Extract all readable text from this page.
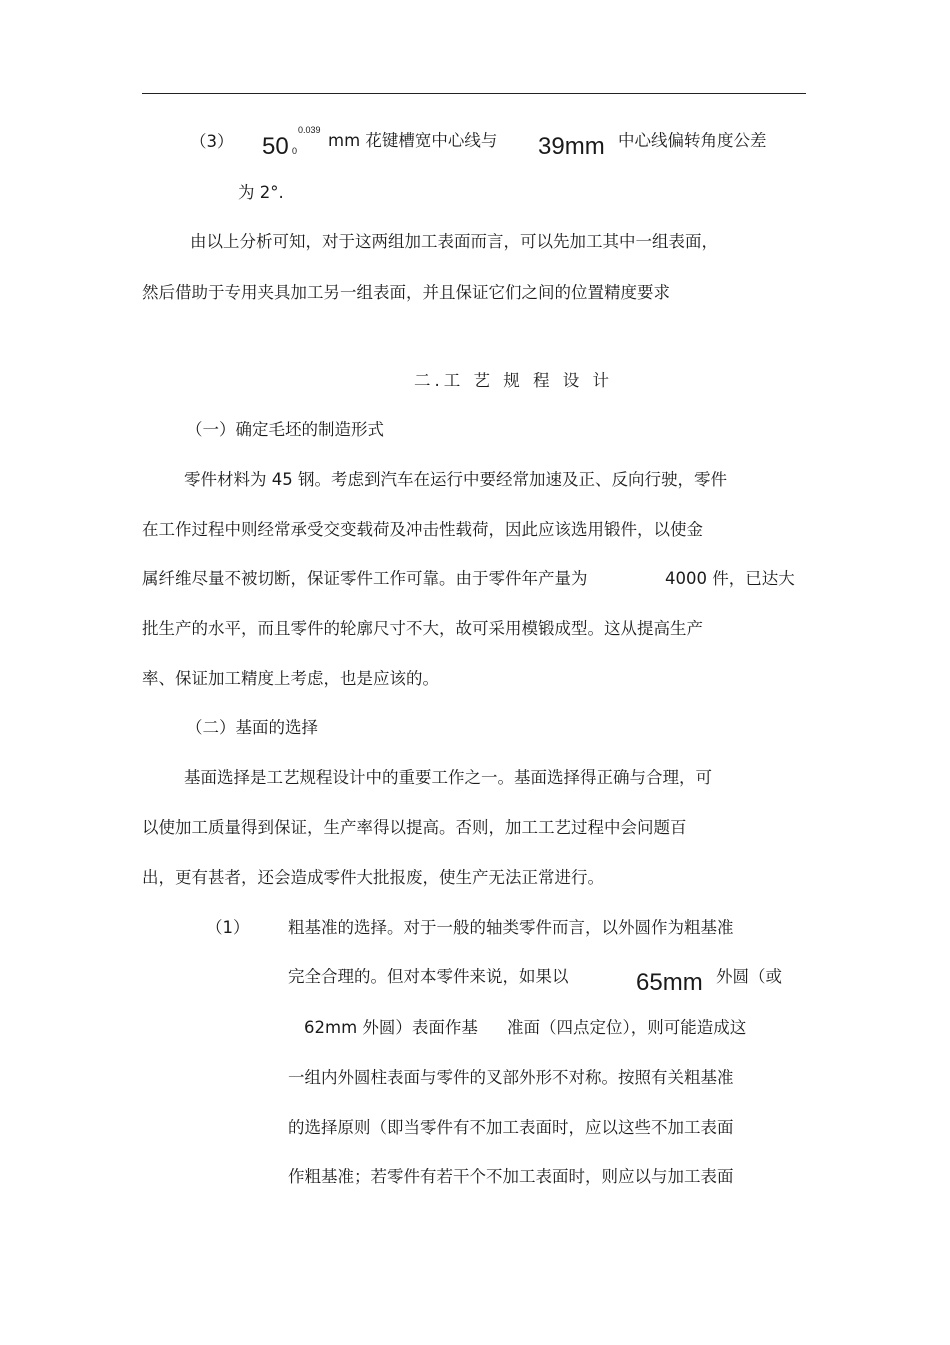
（3） 50
0.039
0
mm 花键槽宽中心线与 39mm 中心线偏转角度公差
为 2°.
由以上分析可知，对于这两组加工表面而言，可以先加工其中一组表面，
然后借助于专用夹具加工另一组表面，并且保证它们之间的位置精度要求
二.工 艺 规 程 设 计
（一）确定毛坯的制造形式
零件材料为 45 钢。考虑到汽车在运行中要经常加速及正、反向行驶，零件
在工作过程中则经常承受交变载荷及冲击性载荷，因此应该选用锻件，以使金
属纤维尽量不被切断，保证零件工作可靠。由于零件年产量为	4000 件，已达大
批生产的水平，而且零件的轮廓尺寸不大，故可采用模锻成型。这从提高生产
率、保证加工精度上考虑，也是应该的。
（二）基面的选择
基面选择是工艺规程设计中的重要工作之一。基面选择得正确与合理，可
以使加工质量得到保证，生产率得以提高。否则，加工工艺过程中会问题百
出，更有甚者，还会造成零件大批报废，使生产无法正常进行。
（1） 粗基准的选择。对于一般的轴类零件而言，以外圆作为粗基准
完全合理的。但对本零件来说，如果以	65mm 外圆（或
62mm 外圆）表面作基 准面（四点定位），则可能造成这
一组内外圆柱表面与零件的叉部外形不对称。按照有关粗基准
的选择原则（即当零件有不加工表面时，应以这些不加工表面
作粗基准；若零件有若干个不加工表面时，则应以与加工表面
